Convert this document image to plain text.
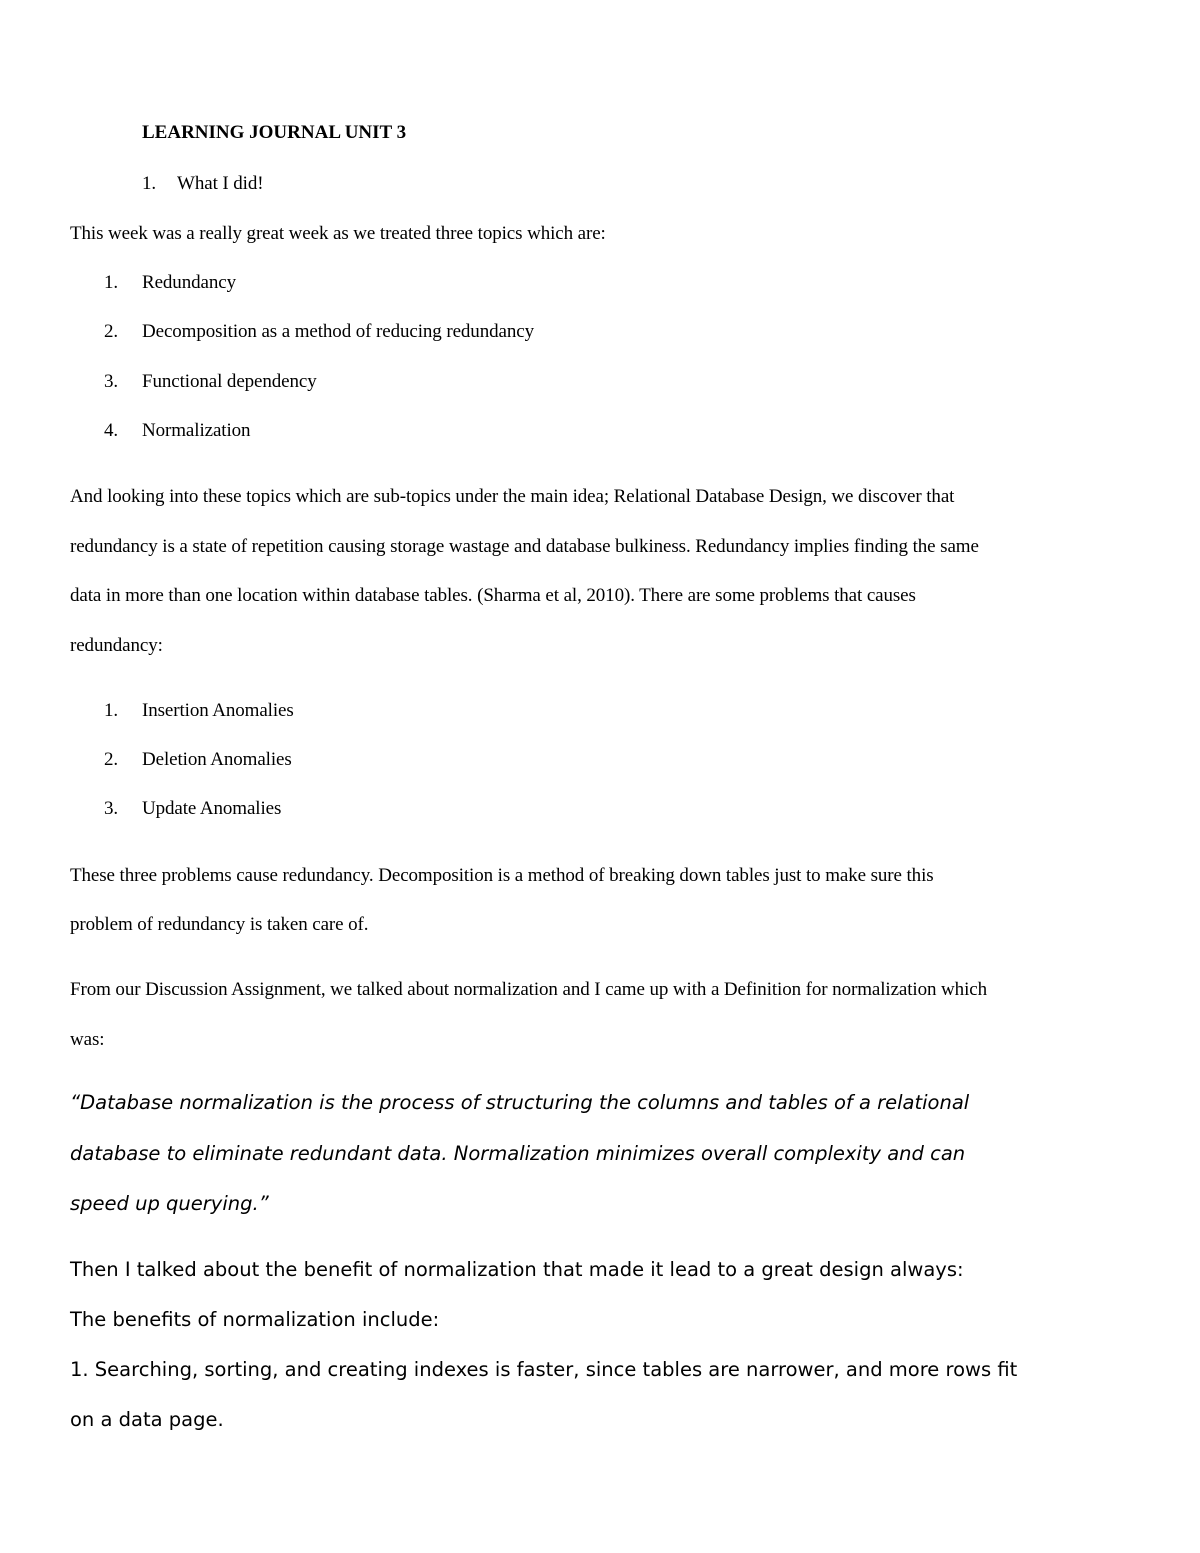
LEARNING JOURNAL UNIT 3
1. What I did!
This week was a really great week as we treated three topics which are:
1.	Redundancy
2.	Decomposition as a method of reducing redundancy
3.	Functional dependency
4.	Normalization
And looking into these topics which are sub-topics under the main idea; Relational Database Design, we discover that
redundancy is a state of repetition causing storage wastage and database bulkiness. Redundancy implies finding the same
data in more than one location within database tables. (Sharma et al, 2010). There are some problems that causes
redundancy:
1.	Insertion Anomalies
2.	Deletion Anomalies
3.	Update Anomalies
These three problems cause redundancy. Decomposition is a method of breaking down tables just to make sure this
problem of redundancy is taken care of.
From our Discussion Assignment, we talked about normalization and I came up with a Definition for normalization which
was:
“Database normalization is the process of structuring the columns and tables of a relational
database to eliminate redundant data. Normalization minimizes overall complexity and can
speed up querying.”
Then I talked about the benefit of normalization that made it lead to a great design always:
The benefits of normalization include:
1. Searching, sorting, and creating indexes is faster, since tables are narrower, and more rows fit
on a data page.
